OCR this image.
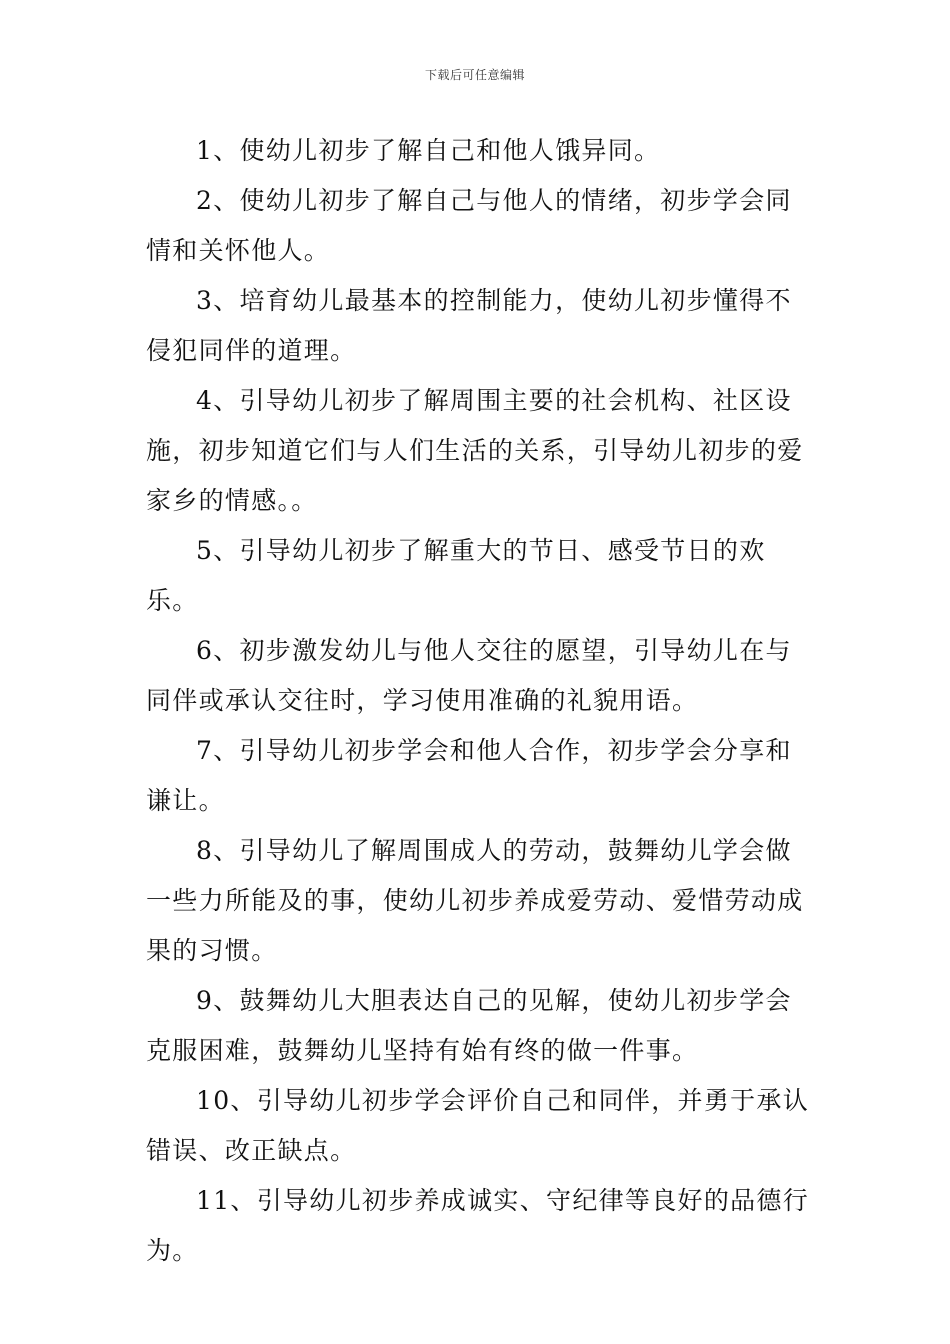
下载后可任意编辑

1、使幼儿初步了解自己和他人饿异同。

2、使幼儿初步了解自己与他人的情绪，初步学会同情和关怀他人。

3、培育幼儿最基本的控制能力，使幼儿初步懂得不侵犯同伴的道理。

4、引导幼儿初步了解周围主要的社会机构、社区设施，初步知道它们与人们生活的关系，引导幼儿初步的爱家乡的情感。。

5、引导幼儿初步了解重大的节日、感受节日的欢乐。

6、初步激发幼儿与他人交往的愿望，引导幼儿在与同伴或承认交往时，学习使用准确的礼貌用语。

7、引导幼儿初步学会和他人合作，初步学会分享和谦让。

8、引导幼儿了解周围成人的劳动，鼓舞幼儿学会做一些力所能及的事，使幼儿初步养成爱劳动、爱惜劳动成果的习惯。

9、鼓舞幼儿大胆表达自己的见解，使幼儿初步学会克服困难，鼓舞幼儿坚持有始有终的做一件事。

10、引导幼儿初步学会评价自己和同伴，并勇于承认错误、改正缺点。

11、引导幼儿初步养成诚实、守纪律等良好的品德行为。
